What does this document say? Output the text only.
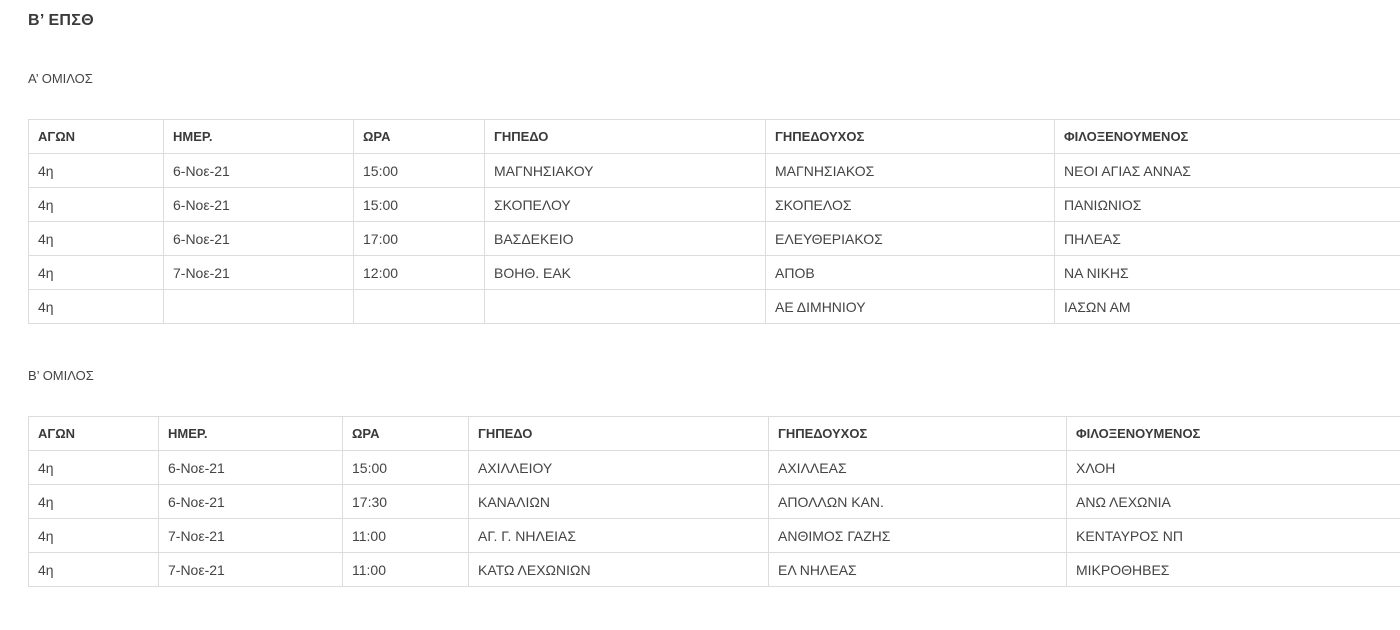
Β’ ΕΠΣΘ
Α’ ΟΜΙΛΟΣ
ΑΓΩΝ	ΗΜΕΡ.	ΩΡΑ	ΓΗΠΕΔΟ	ΓΗΠΕΔΟΥΧΟΣ	ΦΙΛΟΞΕΝΟΥΜΕΝΟΣ
4η	6-Νοε-21	15:00	ΜΑΓΝΗΣΙΑΚΟΥ	ΜΑΓΝΗΣΙΑΚΟΣ	ΝΕΟΙ ΑΓΙΑΣ ΑΝΝΑΣ
4η	6-Νοε-21	15:00	ΣΚΟΠΕΛΟΥ	ΣΚΟΠΕΛΟΣ	ΠΑΝΙΩΝΙΟΣ
4η	6-Νοε-21	17:00	ΒΑΣΔΕΚΕΙΟ	ΕΛΕΥΘΕΡΙΑΚΟΣ	ΠΗΛΕΑΣ
4η	7-Νοε-21	12:00	ΒΟΗΘ. ΕΑΚ	ΑΠΟΒ	ΝΑ ΝΙΚΗΣ
4η				ΑΕ ΔΙΜΗΝΙΟΥ	ΙΑΣΩΝ ΑΜ
Β’ ΟΜΙΛΟΣ
ΑΓΩΝ	ΗΜΕΡ.	ΩΡΑ	ΓΗΠΕΔΟ	ΓΗΠΕΔΟΥΧΟΣ	ΦΙΛΟΞΕΝΟΥΜΕΝΟΣ
4η	6-Νοε-21	15:00	ΑΧΙΛΛΕΙΟΥ	ΑΧΙΛΛΕΑΣ	ΧΛΟΗ
4η	6-Νοε-21	17:30	ΚΑΝΑΛΙΩΝ	ΑΠΟΛΛΩΝ ΚΑΝ.	ΑΝΩ ΛΕΧΩΝΙΑ
4η	7-Νοε-21	11:00	ΑΓ. Γ. ΝΗΛΕΙΑΣ	ΑΝΘΙΜΟΣ ΓΑΖΗΣ	ΚΕΝΤΑΥΡΟΣ ΝΠ
4η	7-Νοε-21	11:00	ΚΑΤΩ ΛΕΧΩΝΙΩΝ	ΕΛ ΝΗΛΕΑΣ	ΜΙΚΡΟΘΗΒΕΣ
